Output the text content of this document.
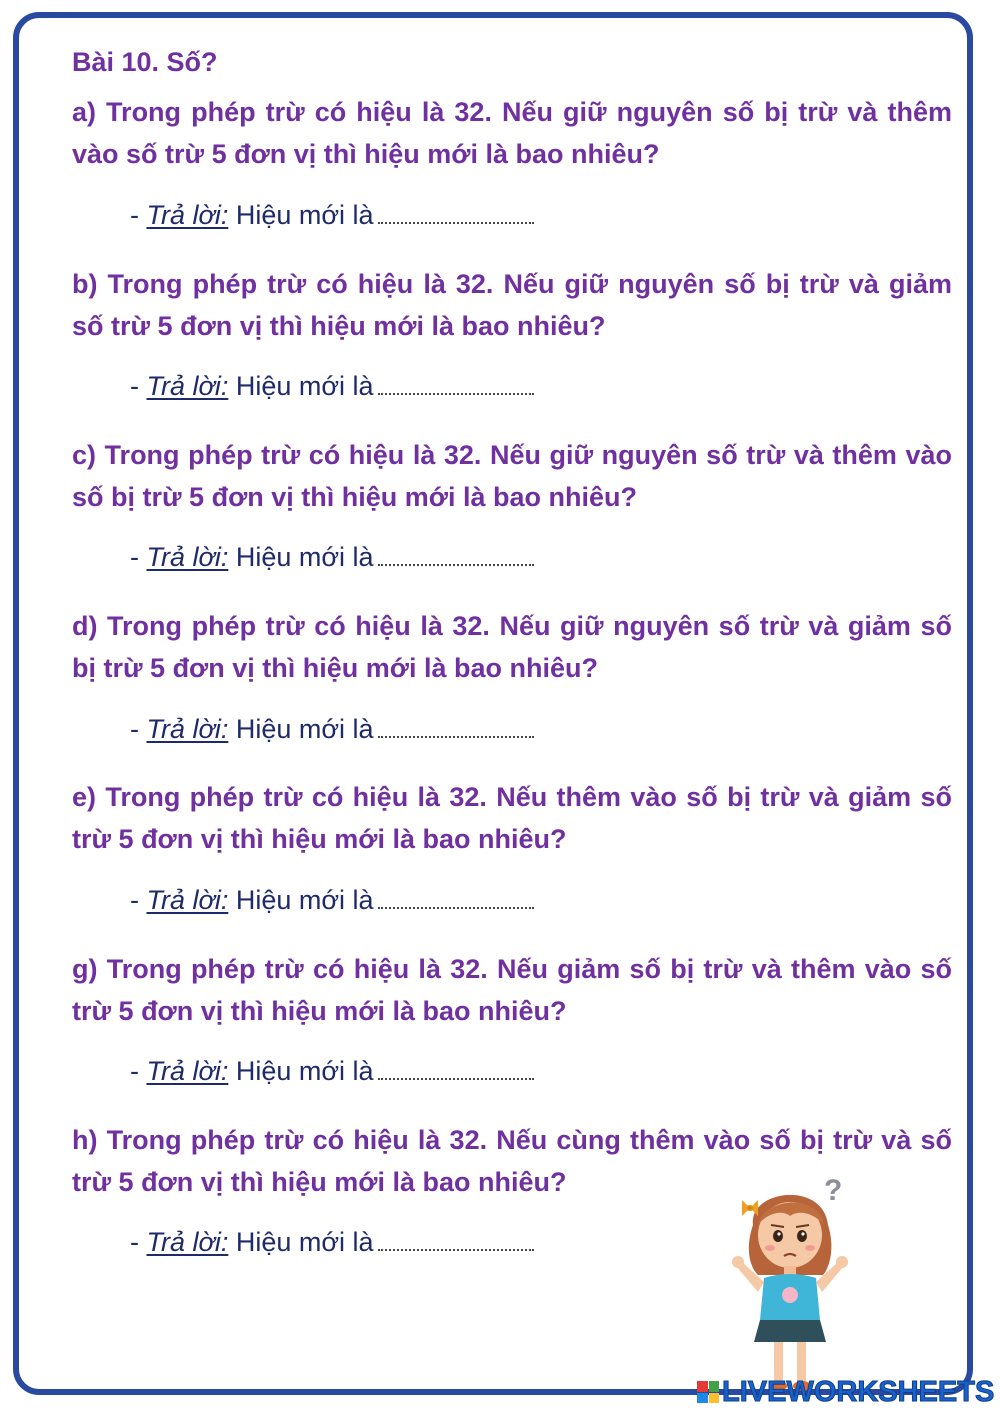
Bài 10. Số?
a) Trong phép trừ có hiệu là 32. Nếu giữ nguyên số bị trừ và thêm vào số trừ 5 đơn vị thì hiệu mới là bao nhiêu?
- Trả lời: Hiệu mới là
b) Trong phép trừ có hiệu là 32. Nếu giữ nguyên số bị trừ và giảm số trừ 5 đơn vị thì hiệu mới là bao nhiêu?
- Trả lời: Hiệu mới là
c) Trong phép trừ có hiệu là 32. Nếu giữ nguyên số trừ và thêm vào số bị trừ 5 đơn vị thì hiệu mới là bao nhiêu?
- Trả lời: Hiệu mới là
d) Trong phép trừ có hiệu là 32. Nếu giữ nguyên số trừ và giảm số bị trừ 5 đơn vị thì hiệu mới là bao nhiêu?
- Trả lời: Hiệu mới là
e) Trong phép trừ có hiệu là 32. Nếu thêm vào số bị trừ và giảm số trừ 5 đơn vị thì hiệu mới là bao nhiêu?
- Trả lời: Hiệu mới là
g) Trong phép trừ có hiệu là 32. Nếu giảm số bị trừ và thêm vào số trừ 5 đơn vị thì hiệu mới là bao nhiêu?
- Trả lời: Hiệu mới là
h) Trong phép trừ có hiệu là 32. Nếu cùng thêm vào số bị trừ và số trừ 5 đơn vị thì hiệu mới là bao nhiêu?
- Trả lời: Hiệu mới là
?
LIVEWORKSHEETS
